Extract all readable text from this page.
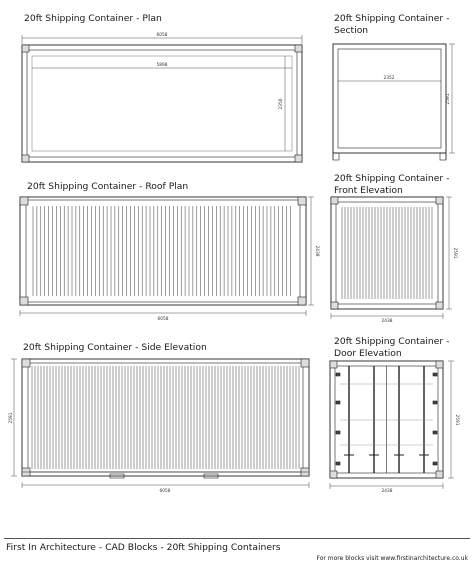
20ft Shipping Container - Plan	20ft Shipping Container -
Section
20ft Shipping Container - Roof Plan
20ft Shipping Container -
Front Elevation
20ft Shipping Container - Side Elevation
20ft Shipping Container -
Door Elevation
6058
5898
2350
2352
2591
6058
2438
2438
2591
6058
2591
2438
2591
First In Architecture - CAD Blocks - 20ft Shipping Containers
For more blocks visit www.firstinarchitecture.co.uk
